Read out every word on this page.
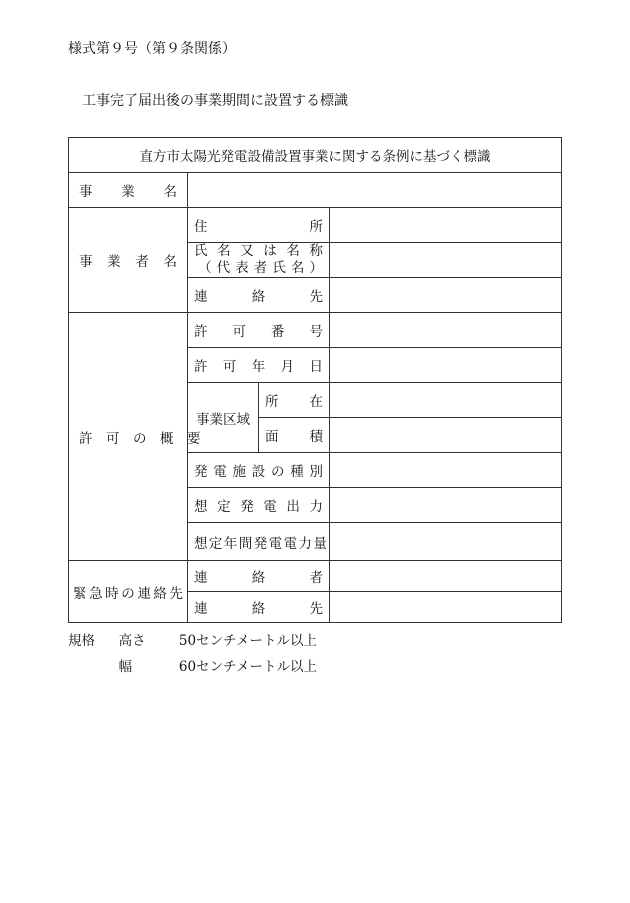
様式第９号（第９条関係）
工事完了届出後の事業期間に設置する標識
直方市太陽光発電設備設置事業に関する条例に基づく標識			
事　業　名			
事　業　者　名	住　所		

	氏名又は名称
（代表者氏名）		

	連　絡　先		
許　可　の　概　要	許　可　番　号		
	許　可　年　月　日		
	事業区域	所　在	
		面　積	
	発電施設の種別		
	想定発電出力		
	想定年間発電電力量		
緊急時の連絡先	連　絡　者		
	連　絡　先		
規格 高さ 50センチメートル以上
幅	60センチメートル以上
